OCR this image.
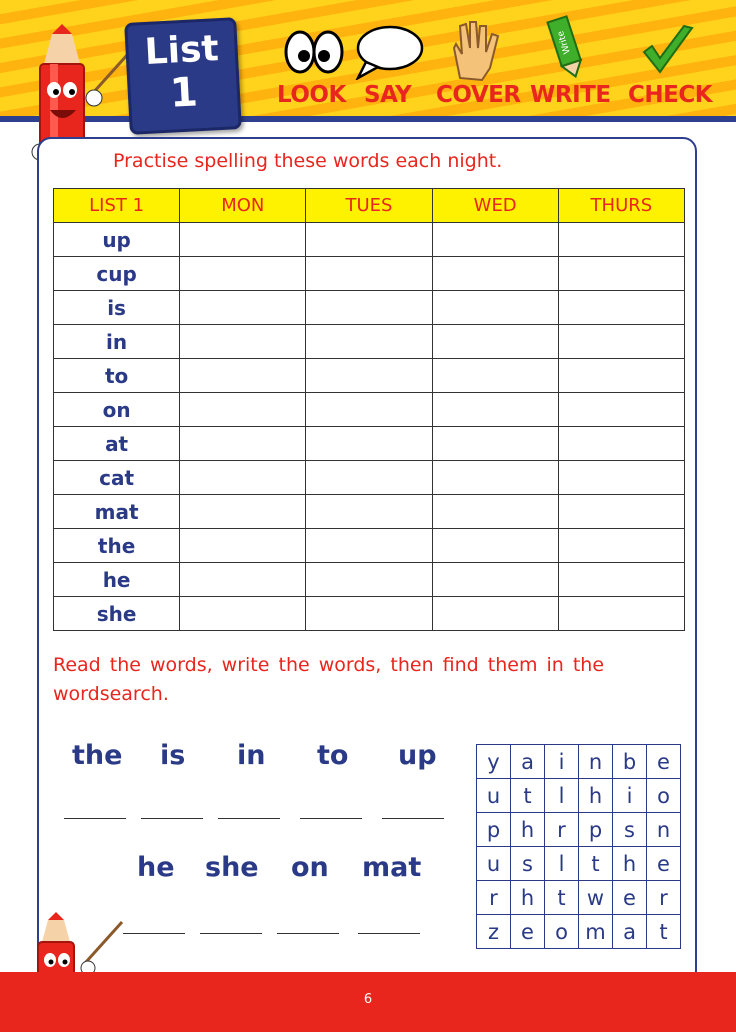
List
1
Write
LOOK SAY COVER WRITE CHECK
Practise spelling these words each night.
LIST 1	MON	TUES	WED	THURS
up				
cup				
is				
in				
to				
on				
at				
cat				
mat				
the				
he				
she				
Read the words, write the words, then find them in the
wordsearch.
the is in to up
he she on mat
y	a	i	n	b	e
u	t	l	h	i	o
p	h	r	p	s	n
u	s	l	t	h	e
r	h	t	w	e	r
z	e	o	m	a	t
6
